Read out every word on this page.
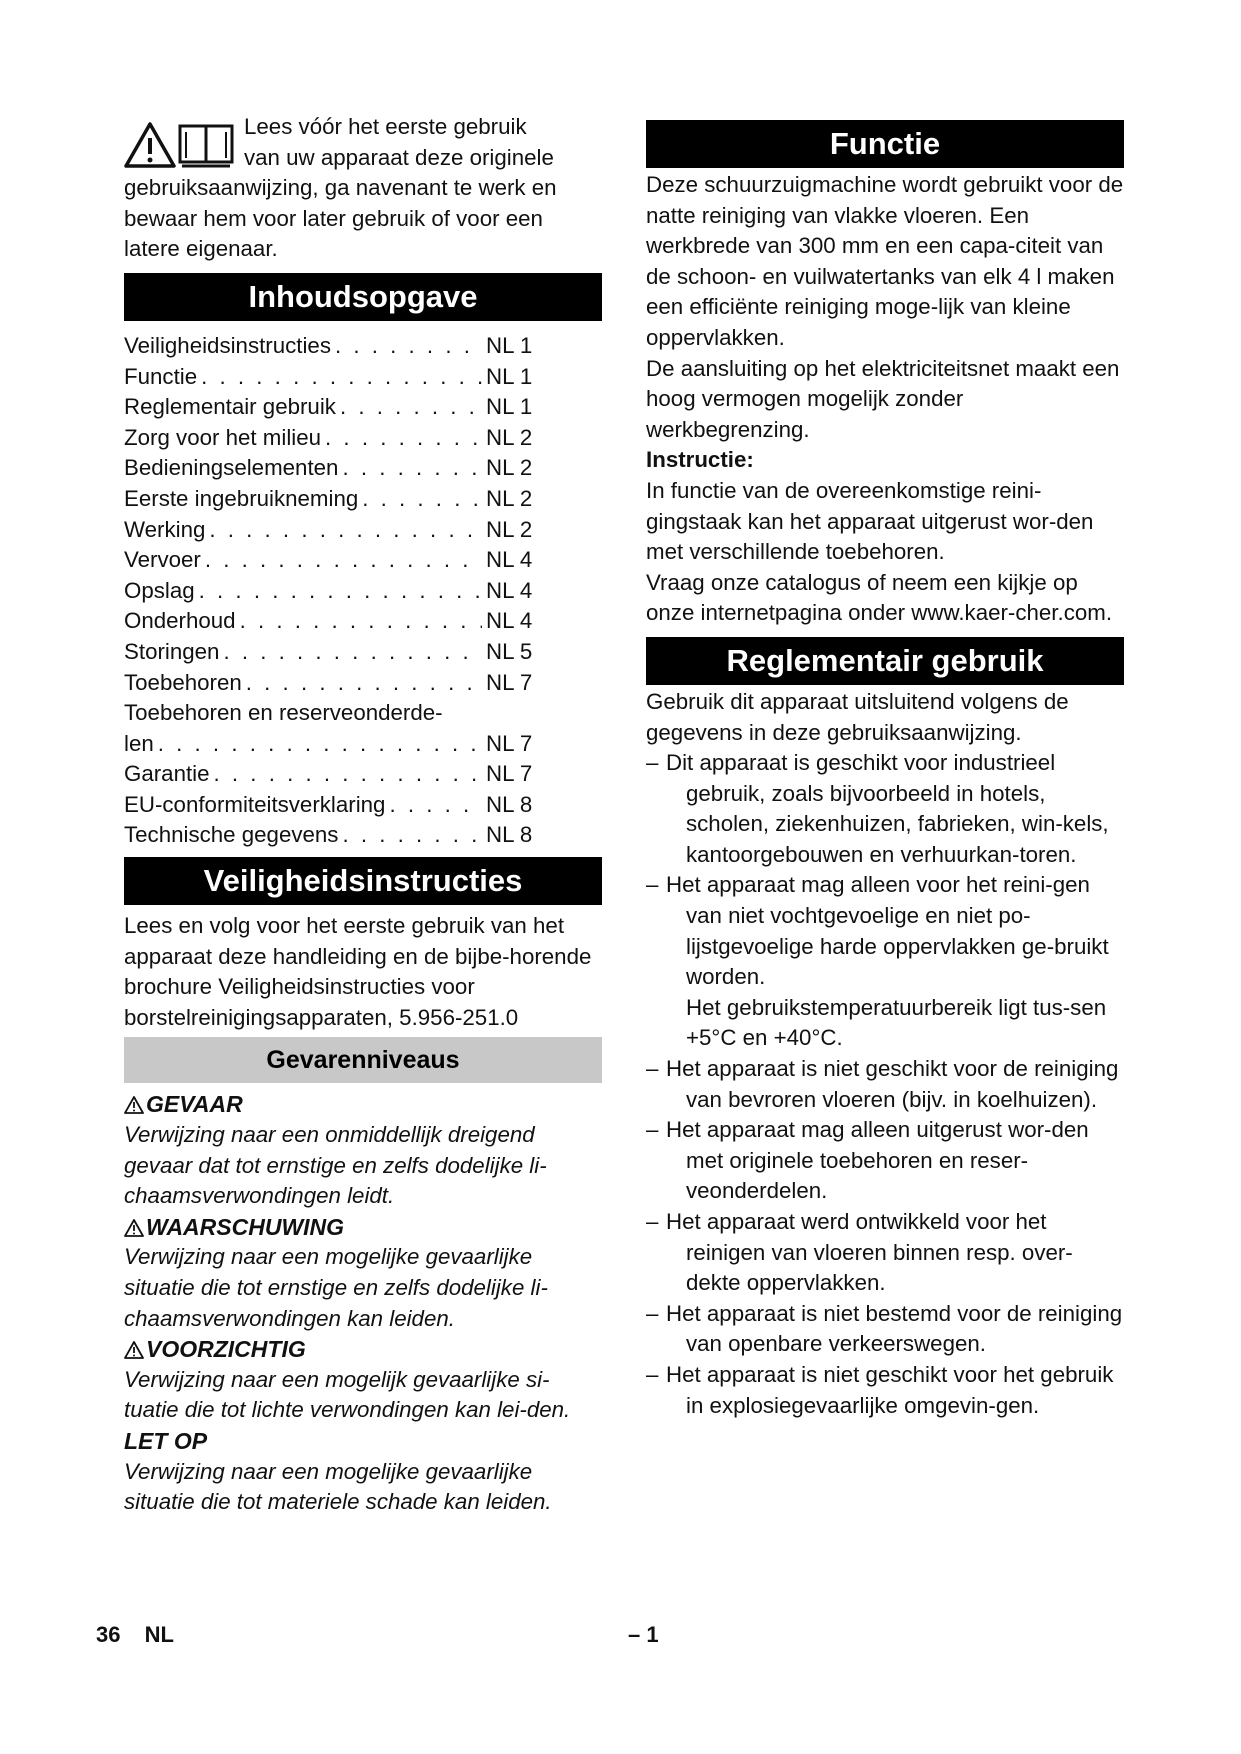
Lees vóór het eerste gebruik

van uw apparaat deze originele

gebruiksaanwijzing, ga navenant te werk en bewaar hem voor later gebruik of voor een latere eigenaar.

Inhoudsopgave
Veiligheidsinstructies . . .	NL 1
Functie . . .	NL 1
Reglementair gebruik . . .	NL 1
Zorg voor het milieu . . .	NL 2
Bedieningselementen . . .	NL 2
Eerste ingebruikneming . . .	NL 2
Werking . . .	NL 2
Vervoer . . .	NL 4
Opslag . . .	NL 4
Onderhoud . . .	NL 4
Storingen . . .	NL 5
Toebehoren . . .	NL 7
Toebehoren en reserveonderde-
len . . .	NL 7
Garantie . . .	NL 7
EU-conformiteitsverklaring . . .	NL 8
Technische gegevens . . .	NL 8
Veiligheidsinstructies

Lees en volg voor het eerste gebruik van het apparaat deze handleiding en de bijbe-horende brochure Veiligheidsinstructies voor borstelreinigingsapparaten, 5.956-251.0

Gevarenniveaus
GEVAAR
Verwijzing naar een onmiddellijk dreigend gevaar dat tot ernstige en zelfs dodelijke li-chaamsverwondingen leidt.
WAARSCHUWING
Verwijzing naar een mogelijke gevaarlijke situatie die tot ernstige en zelfs dodelijke li-chaamsverwondingen kan leiden.
VOORZICHTIG
Verwijzing naar een mogelijk gevaarlijke si-tuatie die tot lichte verwondingen kan lei-den.
LET OP
Verwijzing naar een mogelijke gevaarlijke situatie die tot materiele schade kan leiden.
Functie

Deze schuurzuigmachine wordt gebruikt voor de natte reiniging van vlakke vloeren. Een werkbrede van 300 mm en een capa-citeit van de schoon- en vuilwatertanks van elk 4 l maken een efficiënte reiniging moge-lijk van kleine oppervlakken.

De aansluiting op het elektriciteitsnet maakt een hoog vermogen mogelijk zonder werkbegrenzing.

Instructie:

In functie van de overeenkomstige reini-gingstaak kan het apparaat uitgerust wor-den met verschillende toebehoren.

Vraag onze catalogus of neem een kijkje op onze internetpagina onder www.kaer-cher.com.

Reglementair gebruik

Gebruik dit apparaat uitsluitend volgens de gegevens in deze gebruiksaanwijzing.

– Dit apparaat is geschikt voor industrieel gebruik, zoals bijvoorbeeld in hotels, scholen, ziekenhuizen, fabrieken, win-kels, kantoorgebouwen en verhuurkan-toren.
– Het apparaat mag alleen voor het reini-gen van niet vochtgevoelige en niet po-lijstgevoelige harde oppervlakken ge-bruikt worden.
Het gebruikstemperatuurbereik ligt tus-sen +5°C en +40°C.
– Het apparaat is niet geschikt voor de reiniging van bevroren vloeren (bijv. in koelhuizen).
– Het apparaat mag alleen uitgerust wor-den met originele toebehoren en reser-veonderdelen.
– Het apparaat werd ontwikkeld voor het reinigen van vloeren binnen resp. over-dekte oppervlakken.
– Het apparaat is niet bestemd voor de reiniging van openbare verkeerswegen.
– Het apparaat is niet geschikt voor het gebruik in explosiegevaarlijke omgevin-gen.
36 NL	– 1
